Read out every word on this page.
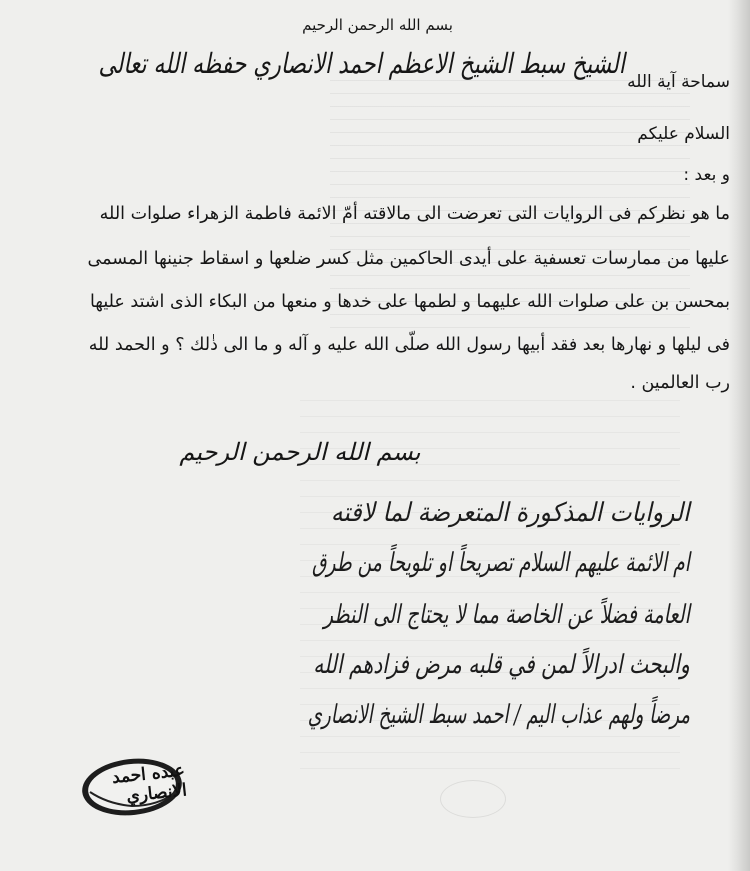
بسم الله الرحمن الرحيم
سماحة آية الله
الشيخ سبط الشيخ الاعظم احمد الانصاري حفظه الله تعالى
السلام عليكم
و بعد :
ما هو نظركم فى الروايات التى تعرضت الى مالاقته أمّ الائمة فاطمة الزهراء صلوات الله
عليها من ممارسات تعسفية على أيدى الحاكمين مثل كسر ضلعها و اسقاط جنينها المسمى
بمحسن بن على صلوات الله عليهما و لطمها على خدها و منعها من البكاء الذى اشتد عليها
فى ليلها و نهارها بعد فقد أبيها رسول الله صلّى الله عليه و آله و ما الى ذٰلك ؟ و الحمد لله
رب العالمين .
بسم الله الرحمن الرحيم
الروايات المذكورة المتعرضة لما لاقته
ام الائمة عليهم السلام تصريحاً او تلويحاً من طرق
العامة فضلاً عن الخاصة مما لا يحتاج الى النظر
والبحث ادرالاً لمن في قلبه مرض فزادهم الله
مرضاً ولهم عذاب اليم / احمد سبط الشيخ الانصاري
عبده احمد الانصاري
